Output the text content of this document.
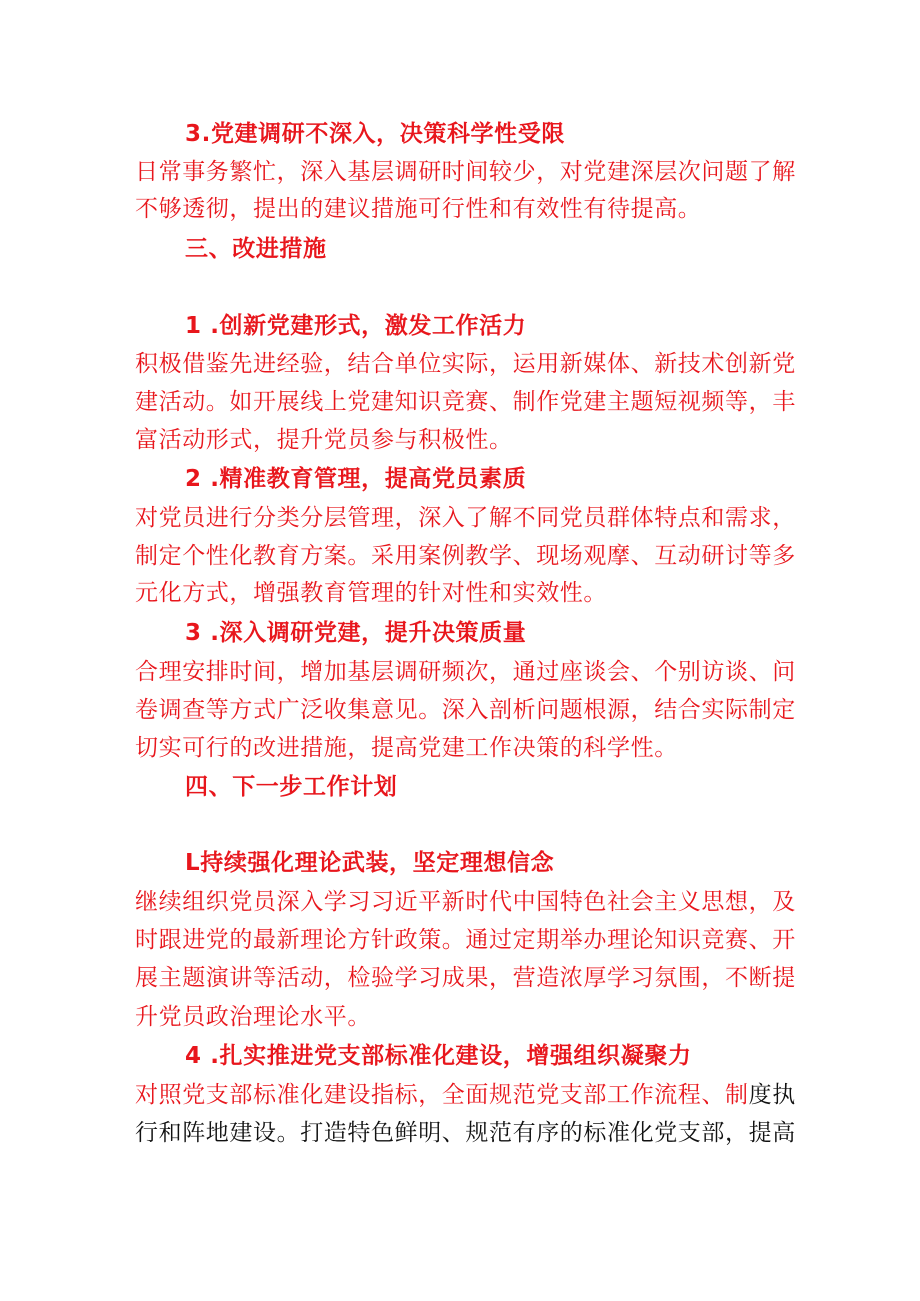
3.党建调研不深入，决策科学性受限
日常事务繁忙，深入基层调研时间较少，对党建深层次问题了解
不够透彻，提出的建议措施可行性和有效性有待提高。
三、改进措施
1 .创新党建形式，激发工作活力
积极借鉴先进经验，结合单位实际，运用新媒体、新技术创新党
建活动。如开展线上党建知识竞赛、制作党建主题短视频等，丰
富活动形式，提升党员参与积极性。
2 .精准教育管理，提高党员素质
对党员进行分类分层管理，深入了解不同党员群体特点和需求，
制定个性化教育方案。采用案例教学、现场观摩、互动研讨等多
元化方式，增强教育管理的针对性和实效性。
3 .深入调研党建，提升决策质量
合理安排时间，增加基层调研频次，通过座谈会、个别访谈、问
卷调查等方式广泛收集意见。深入剖析问题根源，结合实际制定
切实可行的改进措施，提高党建工作决策的科学性。
四、下一步工作计划
L持续强化理论武装，坚定理想信念
继续组织党员深入学习习近平新时代中国特色社会主义思想，及
时跟进党的最新理论方针政策。通过定期举办理论知识竞赛、开
展主题演讲等活动，检验学习成果，营造浓厚学习氛围，不断提
升党员政治理论水平。
4 .扎实推进党支部标准化建设，增强组织凝聚力
对照党支部标准化建设指标，全面规范党支部工作流程、制度执
行和阵地建设。打造特色鲜明、规范有序的标准化党支部，提高
